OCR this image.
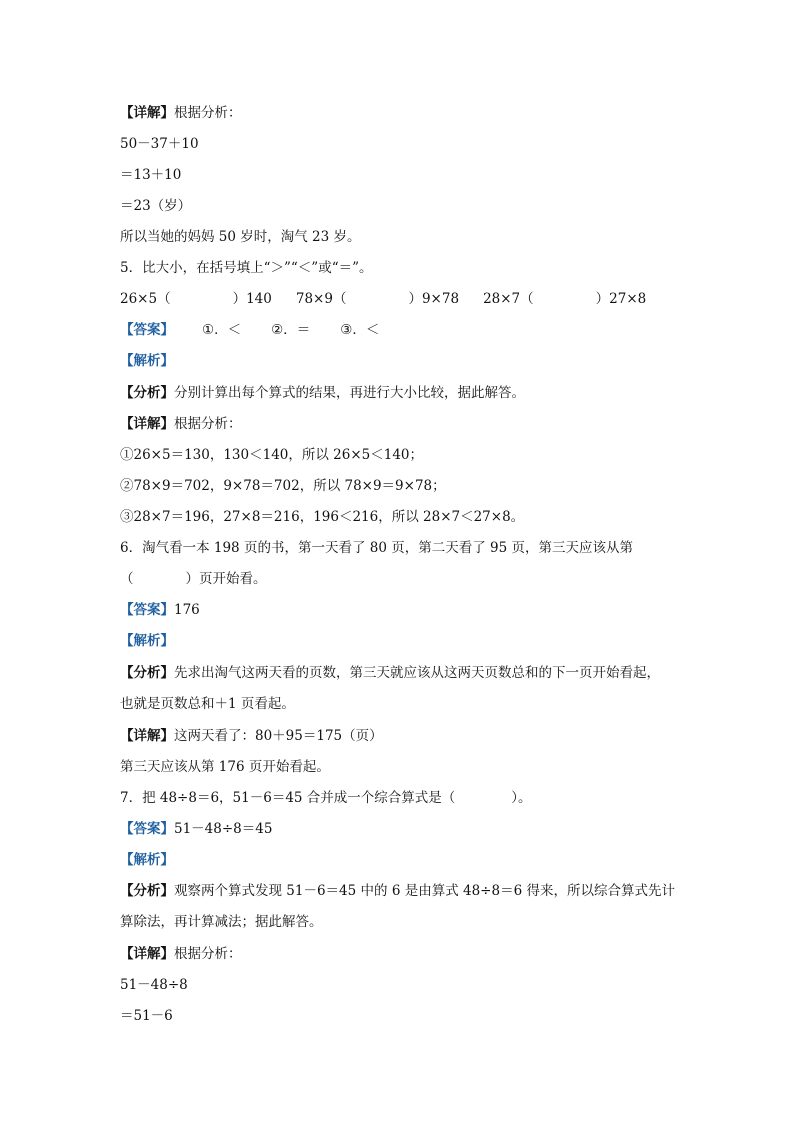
【详解】根据分析：
50－37＋10
＝13＋10
＝23（岁）
所以当她的妈妈 50 岁时，淘气 23 岁。
5．比大小，在括号填上“＞”“＜”或“＝”。
26×5（	）140 78×9（	）9×78 28×7（	）27×8
【答案】 ①．＜ ②．＝ ③．＜
【解析】
【分析】分别计算出每个算式的结果，再进行大小比较，据此解答。
【详解】根据分析：
①26×5＝130，130＜140，所以 26×5＜140；
②78×9＝702，9×78＝702，所以 78×9＝9×78；
③28×7＝196，27×8＝216，196＜216，所以 28×7＜27×8。
6．淘气看一本 198 页的书，第一天看了 80 页，第二天看了 95 页，第三天应该从第
（	）页开始看。
【答案】176
【解析】
【分析】先求出淘气这两天看的页数，第三天就应该从这两天页数总和的下一页开始看起，
也就是页数总和＋1 页看起。
【详解】这两天看了：80＋95＝175（页）
第三天应该从第 176 页开始看起。
7．把 48÷8＝6，51－6＝45 合并成一个综合算式是（	）。
【答案】51－48÷8＝45
【解析】
【分析】观察两个算式发现 51－6＝45 中的 6 是由算式 48÷8＝6 得来，所以综合算式先计
算除法，再计算减法；据此解答。
【详解】根据分析：
51－48÷8
＝51－6
